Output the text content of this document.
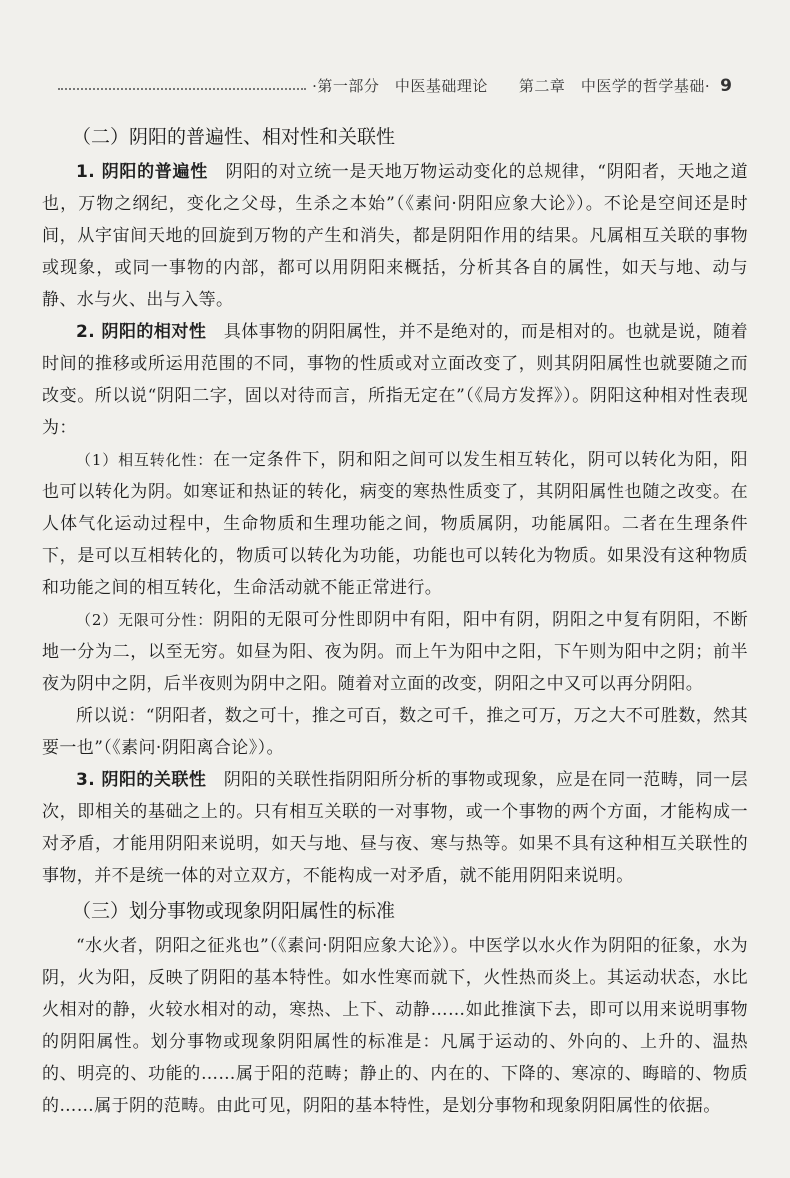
·第一部分　中医基础理论　　第二章　中医学的哲学基础· 9
（二）阴阳的普遍性、相对性和关联性

1. 阴阳的普遍性　阴阳的对立统一是天地万物运动变化的总规律，“阴阳者，天地之道也，万物之纲纪，变化之父母，生杀之本始”（《素问·阴阳应象大论》）。不论是空间还是时间，从宇宙间天地的回旋到万物的产生和消失，都是阴阳作用的结果。凡属相互关联的事物或现象，或同一事物的内部，都可以用阴阳来概括，分析其各自的属性，如天与地、动与静、水与火、出与入等。

2. 阴阳的相对性　具体事物的阴阳属性，并不是绝对的，而是相对的。也就是说，随着时间的推移或所运用范围的不同，事物的性质或对立面改变了，则其阴阳属性也就要随之而改变。所以说“阴阳二字，固以对待而言，所指无定在”（《局方发挥》）。阴阳这种相对性表现为：

（1）相互转化性：在一定条件下，阴和阳之间可以发生相互转化，阴可以转化为阳，阳也可以转化为阴。如寒证和热证的转化，病变的寒热性质变了，其阴阳属性也随之改变。在人体气化运动过程中，生命物质和生理功能之间，物质属阴，功能属阳。二者在生理条件下，是可以互相转化的，物质可以转化为功能，功能也可以转化为物质。如果没有这种物质和功能之间的相互转化，生命活动就不能正常进行。

（2）无限可分性：阴阳的无限可分性即阴中有阳，阳中有阴，阴阳之中复有阴阳，不断地一分为二，以至无穷。如昼为阳、夜为阴。而上午为阳中之阳，下午则为阳中之阴；前半夜为阴中之阴，后半夜则为阴中之阳。随着对立面的改变，阴阳之中又可以再分阴阳。

所以说：“阴阳者，数之可十，推之可百，数之可千，推之可万，万之大不可胜数，然其要一也”（《素问·阴阳离合论》）。

3. 阴阳的关联性　阴阳的关联性指阴阳所分析的事物或现象，应是在同一范畴，同一层次，即相关的基础之上的。只有相互关联的一对事物，或一个事物的两个方面，才能构成一对矛盾，才能用阴阳来说明，如天与地、昼与夜、寒与热等。如果不具有这种相互关联性的事物，并不是统一体的对立双方，不能构成一对矛盾，就不能用阴阳来说明。

（三）划分事物或现象阴阳属性的标准

“水火者，阴阳之征兆也”（《素问·阴阳应象大论》）。中医学以水火作为阴阳的征象，水为阴，火为阳，反映了阴阳的基本特性。如水性寒而就下，火性热而炎上。其运动状态，水比火相对的静，火较水相对的动，寒热、上下、动静……如此推演下去，即可以用来说明事物的阴阳属性。划分事物或现象阴阳属性的标准是：凡属于运动的、外向的、上升的、温热的、明亮的、功能的……属于阳的范畴；静止的、内在的、下降的、寒凉的、晦暗的、物质的……属于阴的范畴。由此可见，阴阳的基本特性，是划分事物和现象阴阳属性的依据。
